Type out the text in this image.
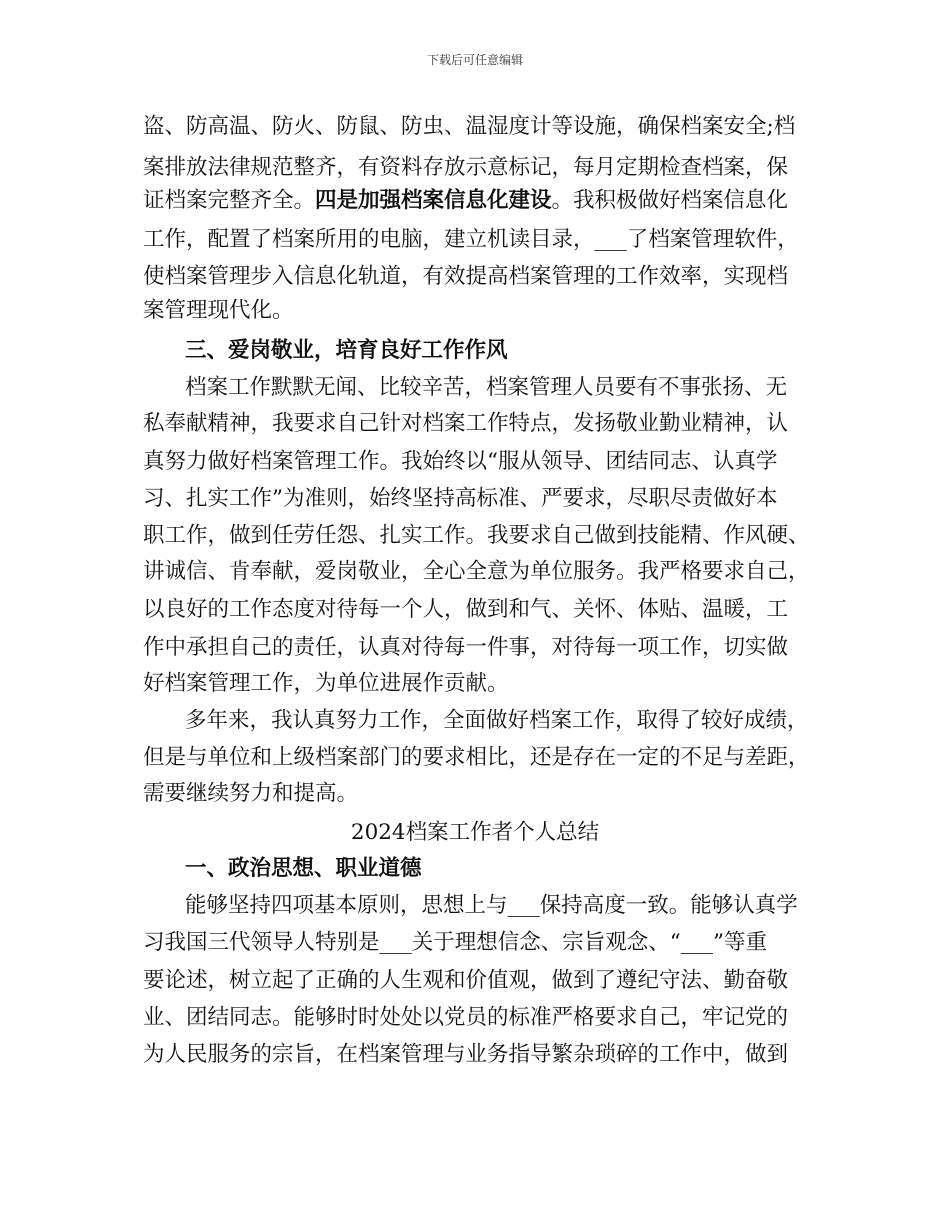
下载后可任意编辑
盗、防高温、防火、防鼠、防虫、温湿度计等设施，确保档案安全;档
案排放法律规范整齐，有资料存放示意标记，每月定期检查档案，保
证档案完整齐全。四是加强档案信息化建设。我积极做好档案信息化
工作，配置了档案所用的电脑，建立机读目录，___了档案管理软件，
使档案管理步入信息化轨道，有效提高档案管理的工作效率，实现档
案管理现代化。
三、爱岗敬业，培育良好工作作风
档案工作默默无闻、比较辛苦，档案管理人员要有不事张扬、无
私奉献精神，我要求自己针对档案工作特点，发扬敬业勤业精神，认
真努力做好档案管理工作。我始终以“服从领导、团结同志、认真学
习、扎实工作”为准则，始终坚持高标准、严要求，尽职尽责做好本
职工作，做到任劳任怨、扎实工作。我要求自己做到技能精、作风硬、
讲诚信、肯奉献，爱岗敬业，全心全意为单位服务。我严格要求自己，
以良好的工作态度对待每一个人，做到和气、关怀、体贴、温暖，工
作中承担自己的责任，认真对待每一件事，对待每一项工作，切实做
好档案管理工作，为单位进展作贡献。
多年来，我认真努力工作，全面做好档案工作，取得了较好成绩，
但是与单位和上级档案部门的要求相比，还是存在一定的不足与差距，
需要继续努力和提高。
2024档案工作者个人总结
一、政治思想、职业道德
能够坚持四项基本原则，思想上与___保持高度一致。能够认真学
习我国三代领导人特别是___关于理想信念、宗旨观念、“___”等重
要论述，树立起了正确的人生观和价值观，做到了遵纪守法、勤奋敬
业、团结同志。能够时时处处以党员的标准严格要求自己，牢记党的
为人民服务的宗旨，在档案管理与业务指导繁杂琐碎的工作中，做到
